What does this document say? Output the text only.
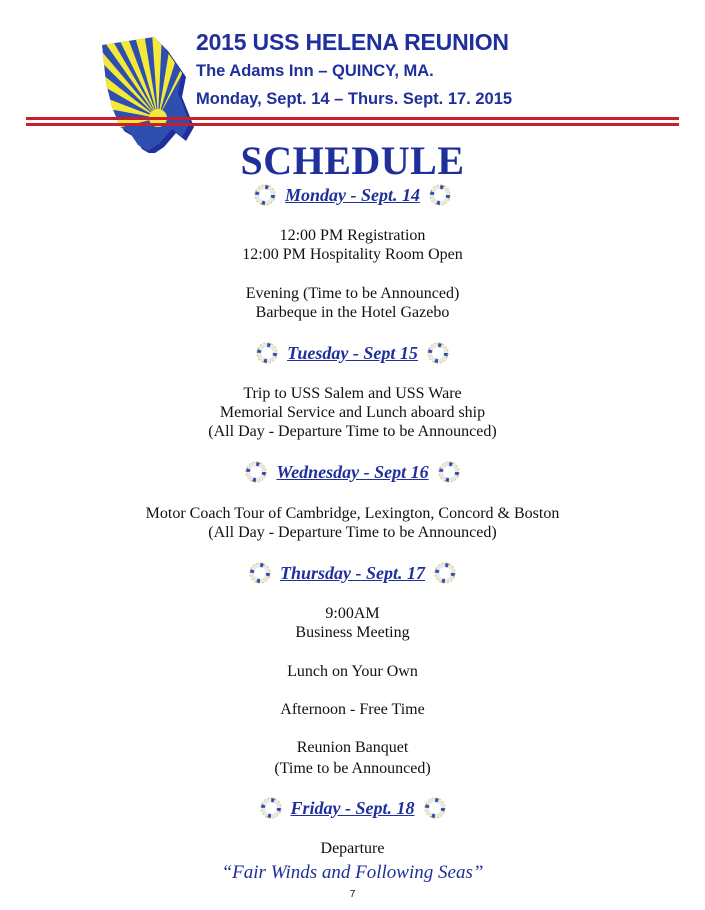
2015 USS HELENA REUNION
The Adams Inn – QUINCY, MA.
Monday, Sept. 14 – Thurs. Sept. 17. 2015
SCHEDULE
Monday - Sept. 14
12:00 PM Registration
12:00 PM Hospitality Room Open
Evening (Time to be Announced)
Barbeque in the Hotel Gazebo
Tuesday - Sept 15
Trip to USS Salem and USS Ware
Memorial Service and Lunch aboard ship
(All Day - Departure Time to be Announced)
Wednesday - Sept 16
Motor Coach Tour of Cambridge, Lexington, Concord & Boston
(All Day - Departure Time to be Announced)
Thursday - Sept. 17
9:00AM
Business Meeting
Lunch on Your Own
Afternoon - Free Time
Reunion Banquet
(Time to be Announced)
Friday - Sept. 18
Departure
“Fair Winds and Following Seas”
7
